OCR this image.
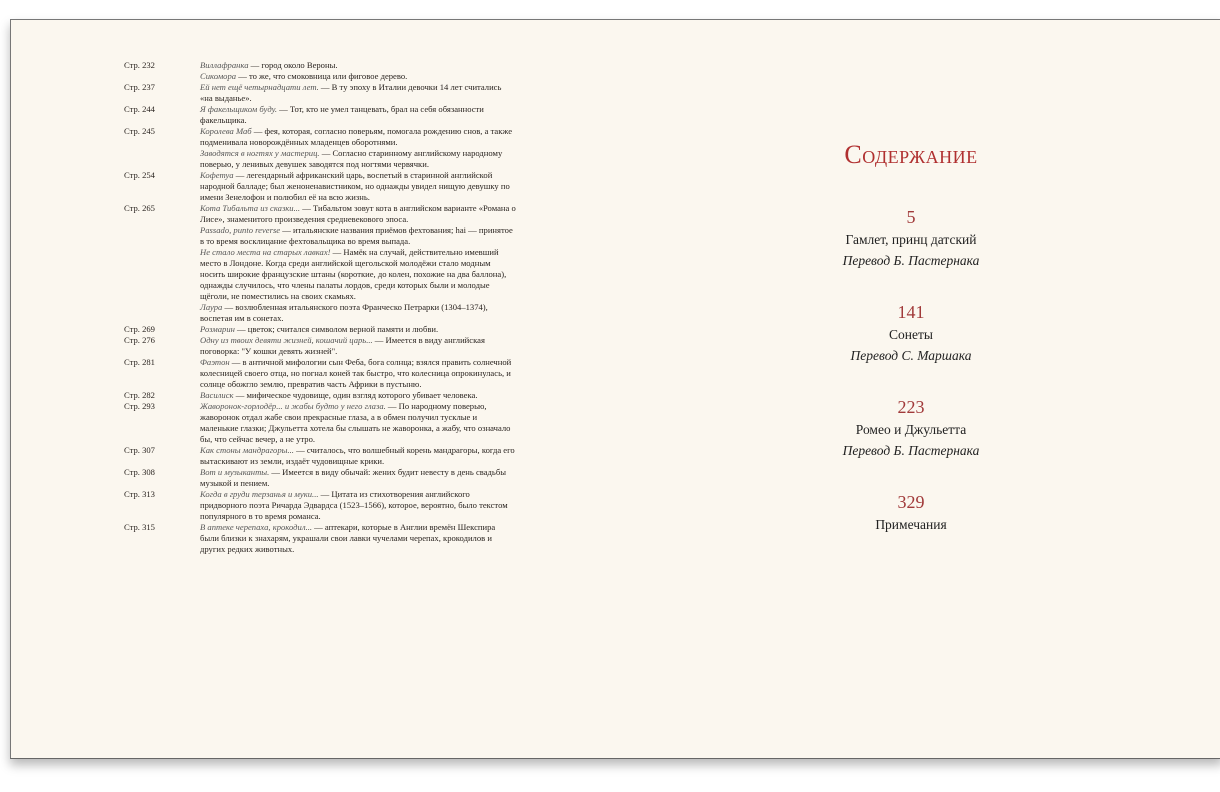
Стр. 232	Виллафранка — город около Вероны.
Сикомора — то же, что смоковница или фиговое дерево.
Стр. 237	Ей нет ещё четырнадцати лет. — В ту эпоху в Италии девочки 14 лет считались «на выданье».
Стр. 244	Я факельщиком буду. — Тот, кто не умел танцевать, брал на себя обязанности факельщика.
Стр. 245	Королева Маб — фея, которая, согласно поверьям, помогала рождению снов, а также подменивала новорождённых младенцев оборотнями.
Заводятся в ногтях у мастериц. — Согласно старинному английскому народному поверью, у ленивых девушек заводятся под ногтями червячки.
Стр. 254	Кофетуа — легендарный африканский царь, воспетый в старинной английской народной балладе; был женоненавистником, но однажды увидел нищую девушку по имени Зенелофон и полюбил её на всю жизнь.
Стр. 265	Кота Тибальта из сказки... — Тибальтом зовут кота в английском варианте «Романа о Лисе», знаменитого произведения средневекового эпоса.
Passado, punto reverse — итальянские названия приёмов фехтования; hai — принятое в то время восклицание фехтовальщика во время выпада.
Не стало места на старых лавках! — Намёк на случай, действительно имевший место в Лондоне. Когда среди английской щегольской молодёжи стало модным носить широкие французские штаны (короткие, до колен, похожие на два баллона), однажды случилось, что члены палаты лордов, среди которых были и молодые щёголи, не поместились на своих скамьях.
Лаура — возлюбленная итальянского поэта Франческо Петрарки (1304–1374), воспетая им в сонетах.
Стр. 269	Розмарин — цветок; считался символом верной памяти и любви.
Стр. 276	Одну из твоих девяти жизней, кошачий царь... — Имеется в виду английская поговорка: "У кошки девять жизней".
Стр. 281	Фаэтон — в античной мифологии сын Феба, бога солнца; взялся править солнечной колесницей своего отца, но погнал коней так быстро, что колесница опрокинулась, и солнце обожгло землю, превратив часть Африки в пустыню.
Стр. 282	Василиск — мифическое чудовище, один взгляд которого убивает человека.
Стр. 293	Жаворонок-горлодёр... и жабы будто у него глаза. — По народному поверью, жаворонок отдал жабе свои прекрасные глаза, а в обмен получил тусклые и маленькие глазки; Джульетта хотела бы слышать не жаворонка, а жабу, что означало бы, что сейчас вечер, а не утро.
Стр. 307	Как стоны мандрагоры... — считалось, что волшебный корень мандрагоры, когда его вытаскивают из земли, издаёт чудовищные крики.
Стр. 308	Вот и музыканты. — Имеется в виду обычай: жених будит невесту в день свадьбы музыкой и пением.
Стр. 313	Когда в груди терзанья и муки... — Цитата из стихотворения английского придворного поэта Ричарда Эдвардса (1523–1566), которое, вероятно, было текстом популярного в то время романса.
Стр. 315	В аптеке черепаха, крокодил... — аптекари, которые в Англии времён Шекспира были близки к знахарям, украшали свои лавки чучелами черепах, крокодилов и других редких животных.
Содержание
5
Гамлет, принц датский
Перевод Б. Пастернака
141
Сонеты
Перевод С. Маршака
223
Ромео и Джульетта
Перевод Б. Пастернака
329
Примечания
